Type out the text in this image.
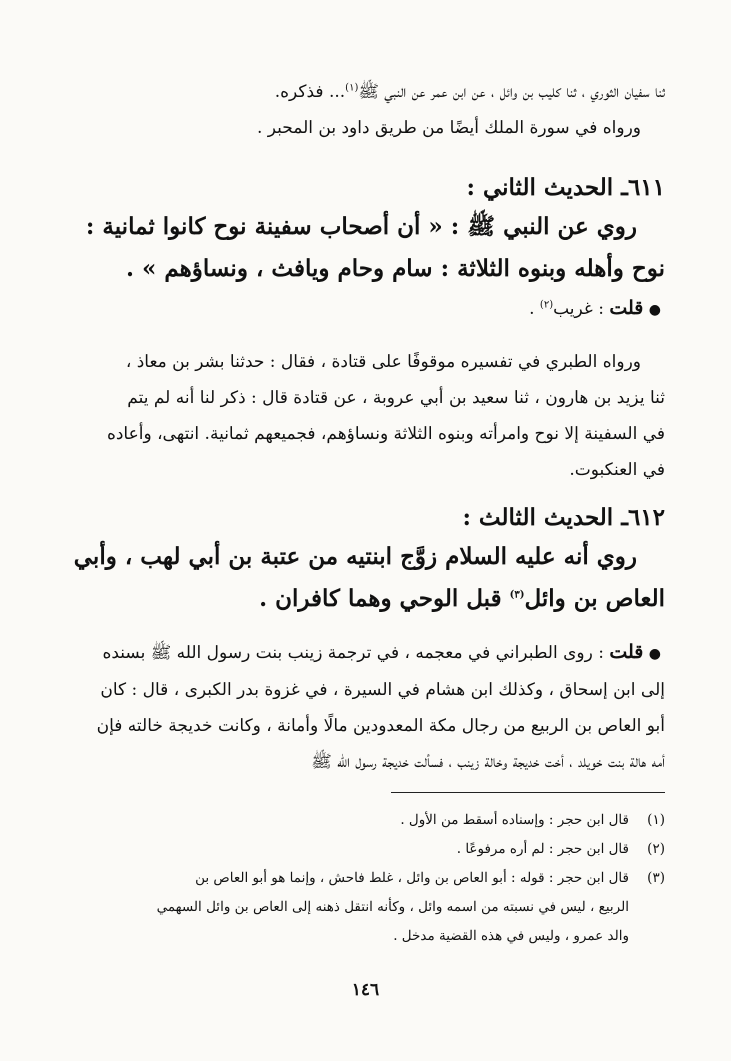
ثنا سفيان الثوري ، ثنا كليب بن وائل ، عن ابن عمر عن النبي ﷺ$^{(١)}$... فذكره.

ورواه في سورة الملك أيضًا من طريق داود بن المحبر .

٦١١ـ الحديث الثاني :

روي عن النبي ﷺ : « أن أصحاب سفينة نوح كانوا ثمانية :

نوح وأهله وبنوه الثلاثة : سام وحام ويافث ، ونساؤهم » .

● قلت : غريب$^{(٢)}$ .

ورواه الطبري في تفسيره موقوفًا على قتادة ، فقال : حدثنا بشر بن معاذ ،

ثنا يزيد بن هارون ، ثنا سعيد بن أبي عروبة ، عن قتادة قال : ذكر لنا أنه لم يتم

في السفينة إلا نوح وامرأته وبنوه الثلاثة ونساؤهم، فجميعهم ثمانية. انتهى، وأعاده

في العنكبوت.

٦١٢ـ الحديث الثالث :

روي أنه عليه السلام زوَّج ابنتيه من عتبة بن أبي لهب ، وأبي

العاص بن وائل$^{(٣)}$ قبل الوحي وهما كافران .

● قلت : روى الطبراني في معجمه ، في ترجمة زينب بنت رسول الله ﷺ بسنده

إلى ابن إسحاق ، وكذلك ابن هشام في السيرة ، في غزوة بدر الكبرى ، قال : كان

أبو العاص بن الربيع من رجال مكة المعدودين مالًا وأمانة ، وكانت خديجة خالته فإن

أمه هالة بنت خويلد ، أخت خديجة وخالة زينب ، فسألت خديجة رسول الله ﷺ

(١)

قال ابن حجر : وإسناده أسقط من الأول .

(٢)

قال ابن حجر : لم أره مرفوعًا .

(٣)

قال ابن حجر : قوله : أبو العاص بن وائل ، غلط فاحش ، وإنما هو أبو العاص بن

الربيع ، ليس في نسبته من اسمه وائل ، وكأنه انتقل ذهنه إلى العاص بن وائل السهمي

والد عمرو ، وليس في هذه القضية مدخل .

١٤٦
